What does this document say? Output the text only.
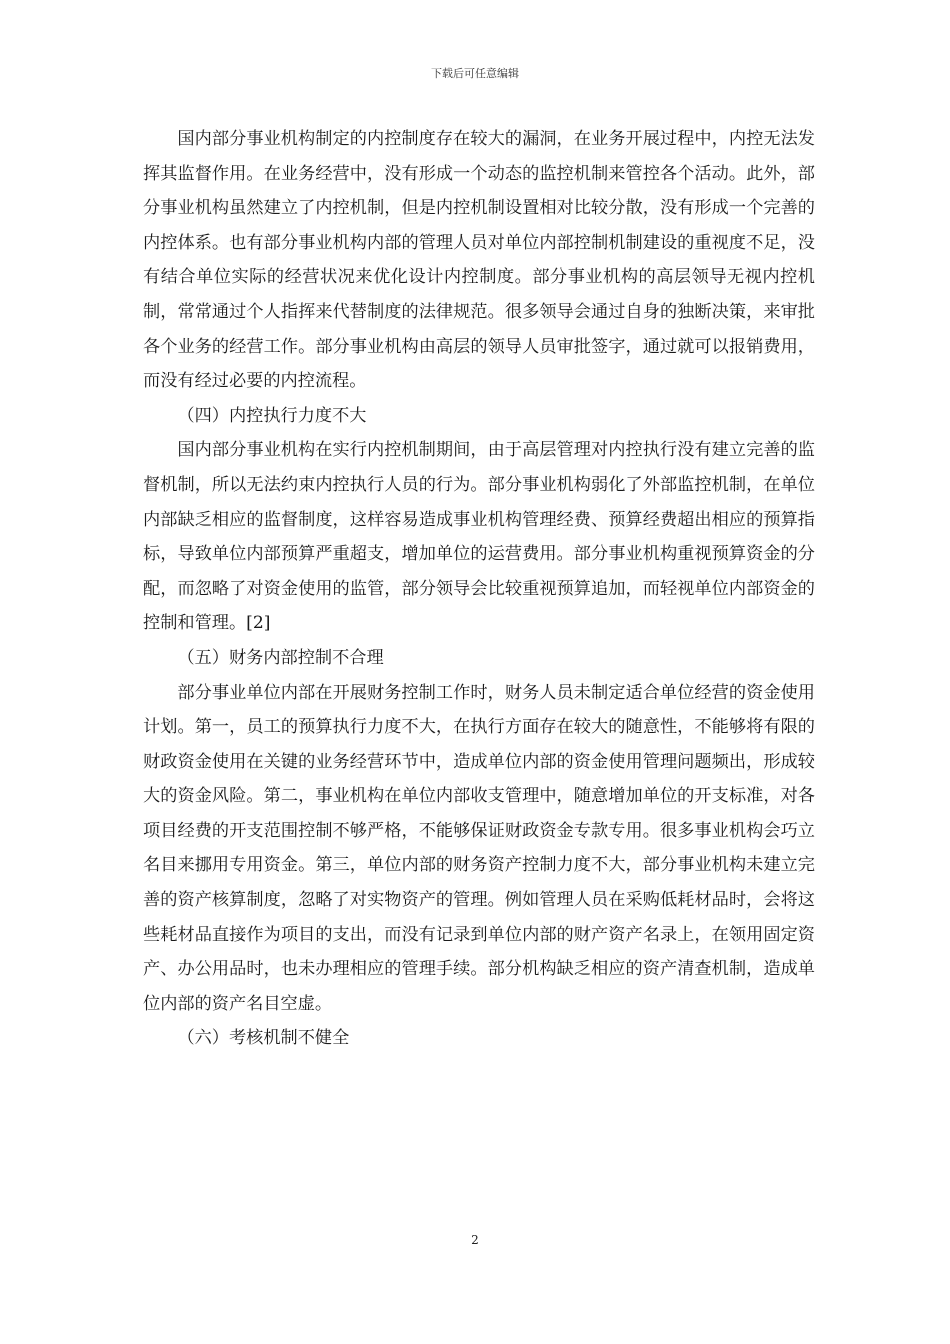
下载后可任意编辑

国内部分事业机构制定的内控制度存在较大的漏洞，在业务开展过程中，内控无法发挥其监督作用。在业务经营中，没有形成一个动态的监控机制来管控各个活动。此外，部分事业机构虽然建立了内控机制，但是内控机制设置相对比较分散，没有形成一个完善的内控体系。也有部分事业机构内部的管理人员对单位内部控制机制建设的重视度不足，没有结合单位实际的经营状况来优化设计内控制度。部分事业机构的高层领导无视内控机制，常常通过个人指挥来代替制度的法律规范。很多领导会通过自身的独断决策，来审批各个业务的经营工作。部分事业机构由高层的领导人员审批签字，通过就可以报销费用，而没有经过必要的内控流程。

（四）内控执行力度不大

国内部分事业机构在实行内控机制期间，由于高层管理对内控执行没有建立完善的监督机制，所以无法约束内控执行人员的行为。部分事业机构弱化了外部监控机制，在单位内部缺乏相应的监督制度，这样容易造成事业机构管理经费、预算经费超出相应的预算指标，导致单位内部预算严重超支，增加单位的运营费用。部分事业机构重视预算资金的分配，而忽略了对资金使用的监管，部分领导会比较重视预算追加，而轻视单位内部资金的控制和管理。[2]

（五）财务内部控制不合理

部分事业单位内部在开展财务控制工作时，财务人员未制定适合单位经营的资金使用计划。第一，员工的预算执行力度不大，在执行方面存在较大的随意性，不能够将有限的财政资金使用在关键的业务经营环节中，造成单位内部的资金使用管理问题频出，形成较大的资金风险。第二，事业机构在单位内部收支管理中，随意增加单位的开支标准，对各项目经费的开支范围控制不够严格，不能够保证财政资金专款专用。很多事业机构会巧立名目来挪用专用资金。第三，单位内部的财务资产控制力度不大，部分事业机构未建立完善的资产核算制度，忽略了对实物资产的管理。例如管理人员在采购低耗材品时，会将这些耗材品直接作为项目的支出，而没有记录到单位内部的财产资产名录上，在领用固定资产、办公用品时，也未办理相应的管理手续。部分机构缺乏相应的资产清查机制，造成单位内部的资产名目空虚。

（六）考核机制不健全

2
